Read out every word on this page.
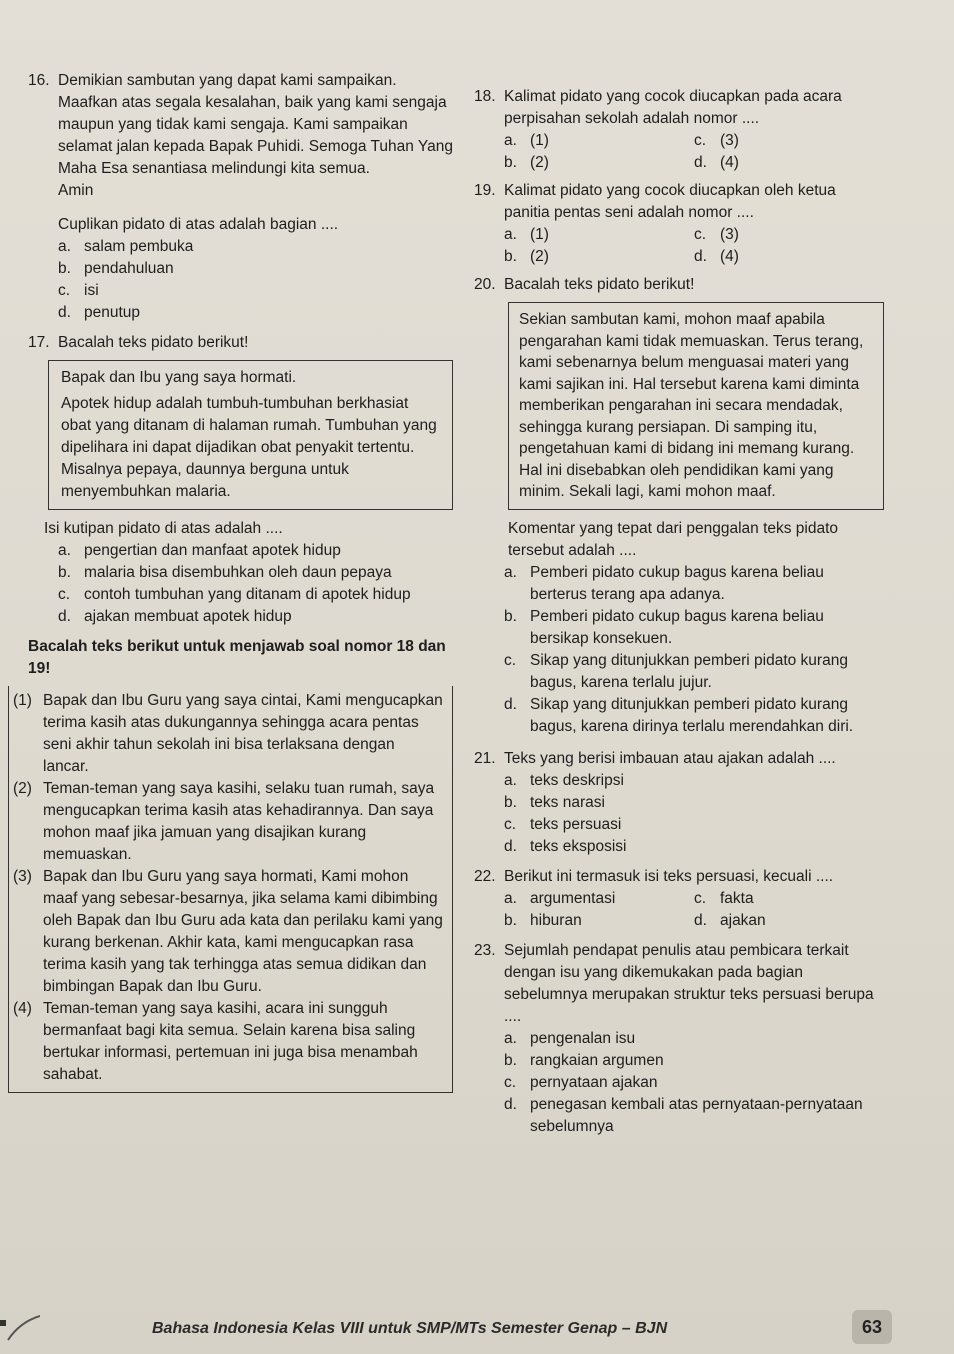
16. Demikian sambutan yang dapat kami sampaikan. Maafkan atas segala kesalahan, baik yang kami sengaja maupun yang tidak kami sengaja. Kami sampaikan selamat jalan kepada Bapak Puhidi. Semoga Tuhan Yang Maha Esa senantiasa melindungi kita semua.
Amin
Cuplikan pidato di atas adalah bagian ....
a. salam pembuka
b. pendahuluan
c. isi
d. penutup
17. Bacalah teks pidato berikut!

Bapak dan Ibu yang saya hormati.

Apotek hidup adalah tumbuh-tumbuhan berkhasiat obat yang ditanam di halaman rumah. Tumbuhan yang dipelihara ini dapat dijadikan obat penyakit tertentu. Misalnya pepaya, daunnya berguna untuk menyembuhkan malaria.

Isi kutipan pidato di atas adalah ....
a. pengertian dan manfaat apotek hidup
b. malaria bisa disembuhkan oleh daun pepaya
c. contoh tumbuhan yang ditanam di apotek hidup
d. ajakan membuat apotek hidup
Bacalah teks berikut untuk menjawab soal nomor 18 dan 19!
(1) Bapak dan Ibu Guru yang saya cintai, Kami mengucapkan terima kasih atas dukungannya sehingga acara pentas seni akhir tahun sekolah ini bisa terlaksana dengan lancar.
(2) Teman-teman yang saya kasihi, selaku tuan rumah, saya mengucapkan terima kasih atas kehadirannya. Dan saya mohon maaf jika jamuan yang disajikan kurang memuaskan.
(3) Bapak dan Ibu Guru yang saya hormati, Kami mohon maaf yang sebesar-besarnya, jika selama kami dibimbing oleh Bapak dan Ibu Guru ada kata dan perilaku kami yang kurang berkenan. Akhir kata, kami mengucapkan rasa terima kasih yang tak terhingga atas semua didikan dan bimbingan Bapak dan Ibu Guru.
(4) Teman-teman yang saya kasihi, acara ini sungguh bermanfaat bagi kita semua. Selain karena bisa saling bertukar informasi, pertemuan ini juga bisa menambah sahabat.
18. Kalimat pidato yang cocok diucapkan pada acara perpisahan sekolah adalah nomor ....
a. (1)	c. (3)
b. (2)	d. (4)
19. Kalimat pidato yang cocok diucapkan oleh ketua panitia pentas seni adalah nomor ....
a. (1)	c. (3)
b. (2)	d. (4)
20. Bacalah teks pidato berikut!
Sekian sambutan kami, mohon maaf apabila pengarahan kami tidak memuaskan. Terus terang, kami sebenarnya belum menguasai materi yang kami sajikan ini. Hal tersebut karena kami diminta memberikan pengarahan ini secara mendadak, sehingga kurang persiapan. Di samping itu, pengetahuan kami di bidang ini memang kurang. Hal ini disebabkan oleh pendidikan kami yang minim. Sekali lagi, kami mohon maaf.
Komentar yang tepat dari penggalan teks pidato tersebut adalah ....
a. Pemberi pidato cukup bagus karena beliau berterus terang apa adanya.
b. Pemberi pidato cukup bagus karena beliau bersikap konsekuen.
c. Sikap yang ditunjukkan pemberi pidato kurang bagus, karena terlalu jujur.
d. Sikap yang ditunjukkan pemberi pidato kurang bagus, karena dirinya terlalu merendahkan diri.
21. Teks yang berisi imbauan atau ajakan adalah ....
a. teks deskripsi
b. teks narasi
c. teks persuasi
d. teks eksposisi
22. Berikut ini termasuk isi teks persuasi, kecuali ....
a. argumentasi	c. fakta
b. hiburan	d. ajakan
23. Sejumlah pendapat penulis atau pembicara terkait dengan isu yang dikemukakan pada bagian sebelumnya merupakan struktur teks persuasi berupa ....
a. pengenalan isu
b. rangkaian argumen
c. pernyataan ajakan
d. penegasan kembali atas pernyataan-pernyataan sebelumnya
Bahasa Indonesia Kelas VIII untuk SMP/MTs Semester Genap – BJN	63
